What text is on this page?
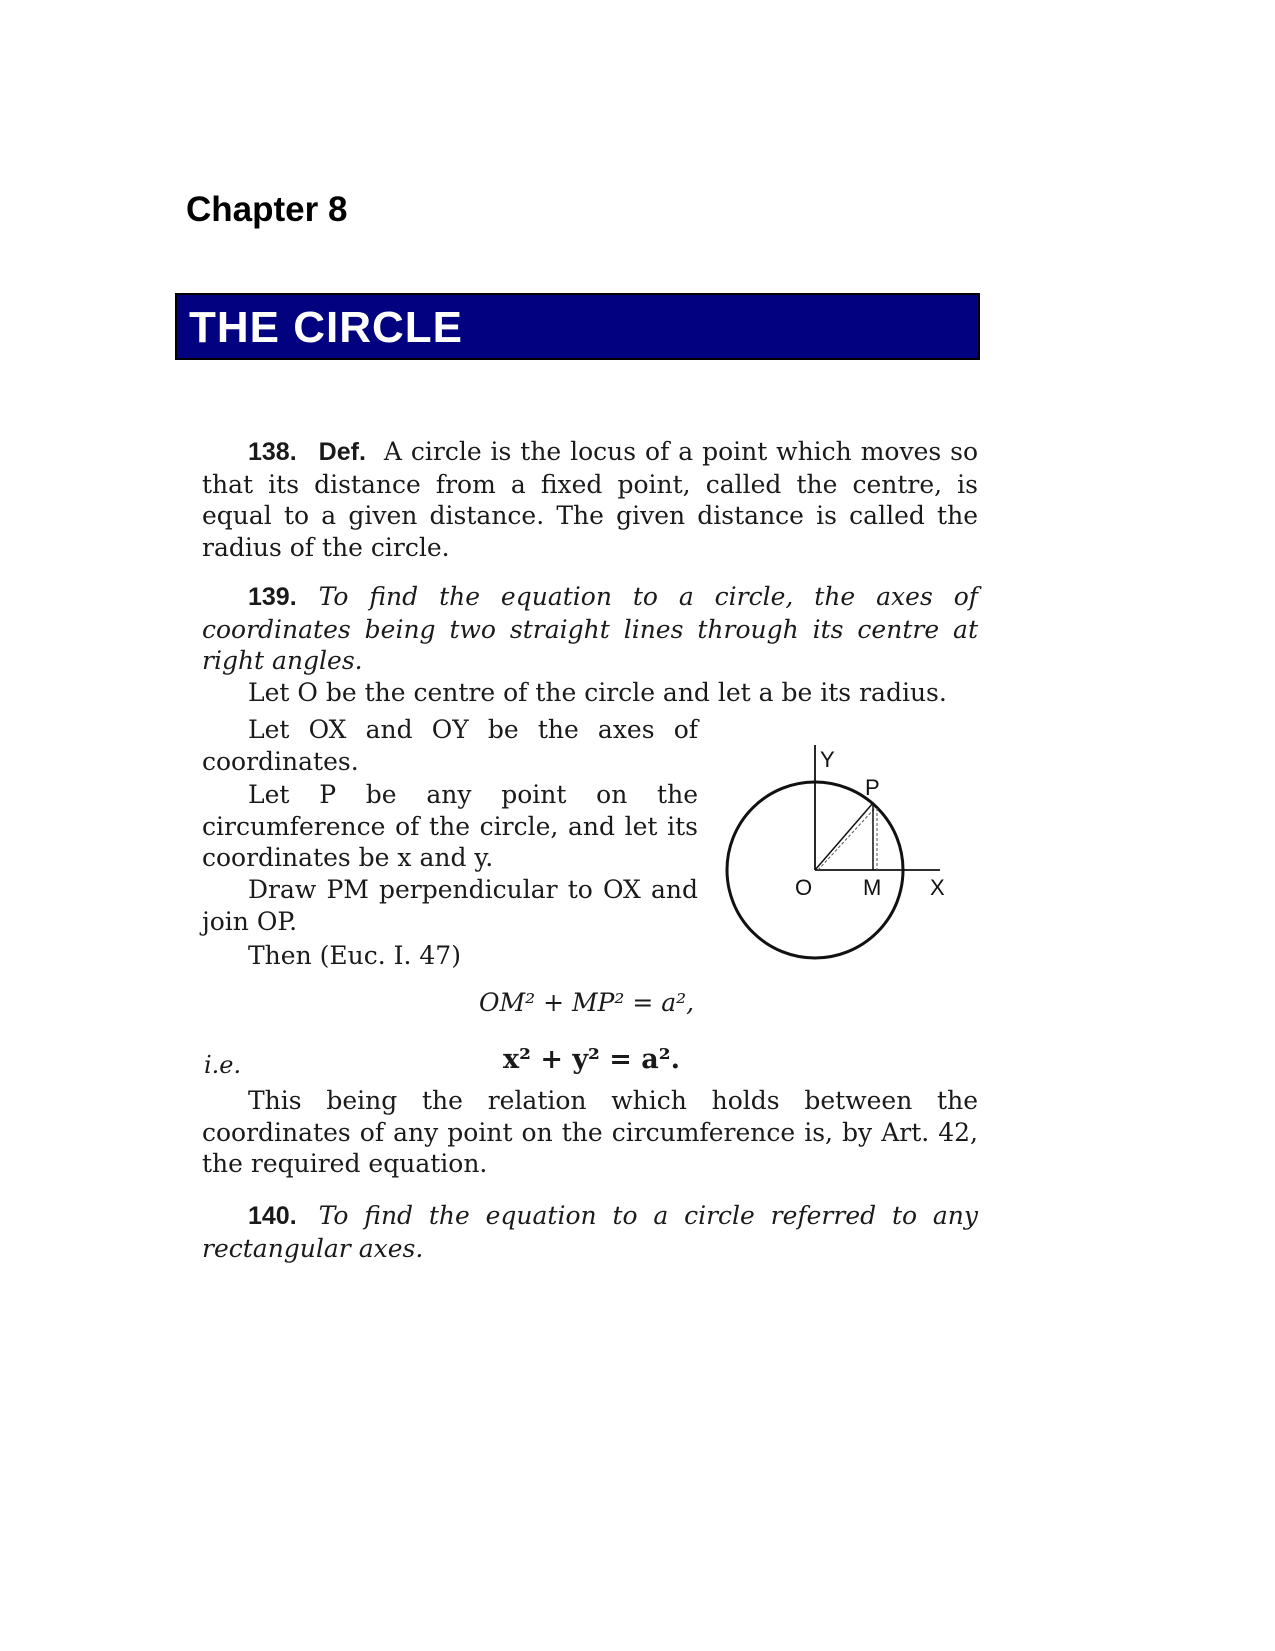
Chapter 8
THE CIRCLE
138. Def. A circle is the locus of a point which moves so that its distance from a fixed point, called the centre, is equal to a given distance. The given distance is called the radius of the circle.
139. To find the equation to a circle, the axes of coordinates being two straight lines through its centre at right angles.
Let O be the centre of the circle and let a be its radius.
Let OX and OY be the axes of coordinates.
Let P be any point on the circumference of the circle, and let its coordinates be x and y.
Draw PM perpendicular to OX and join OP.
Then (Euc. I. 47)
OM² + MP² = a²,
i.e.	x² + y² = a².
This being the relation which holds between the coordinates of any point on the circumference is, by Art. 42, the required equation.
140. To find the equation to a circle referred to any rectangular axes.
Y
P
O M X
